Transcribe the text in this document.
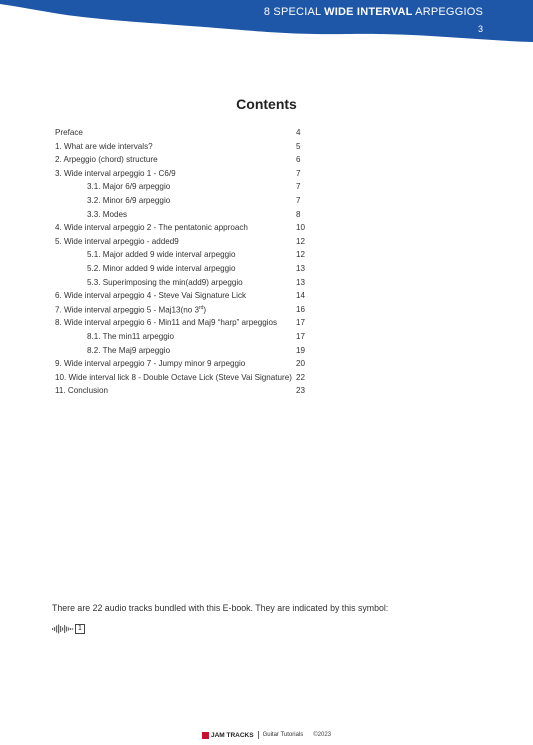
8 SPECIAL WIDE INTERVAL ARPEGGIOS
3
Contents
Preface	4
1. What are wide intervals?	5
2. Arpeggio (chord) structure	6
3. Wide interval arpeggio 1 - C6/9	7
3.1. Major 6/9 arpeggio	7
3.2. Minor 6/9 arpeggio	7
3.3. Modes	8
4. Wide interval arpeggio 2 - The pentatonic approach	10
5. Wide interval arpeggio - added9	12
5.1. Major added 9 wide interval arpeggio	12
5.2. Minor added 9 wide interval arpeggio	13
5.3. Superimposing the min(add9) arpeggio	13
6. Wide interval arpeggio 4 - Steve Vai Signature Lick	14
7. Wide interval arpeggio 5 - Maj13(no 3rd)	16
8. Wide interval arpeggio 6 - Min11 and Maj9 “harp” arpeggios 17
8.1. The min11 arpeggio	17
8.2. The Maj9 arpeggio	19
9. Wide interval arpeggio 7 - Jumpy minor 9 arpeggio	20
10. Wide interval lick 8 - Double Octave Lick (Steve Vai Signature) 22
11. Conclusion	23
There are 22 audio tracks bundled with this E-book. They are indicated by this symbol:
1
JAM TRACKS Guitar Tutorials ©2023
